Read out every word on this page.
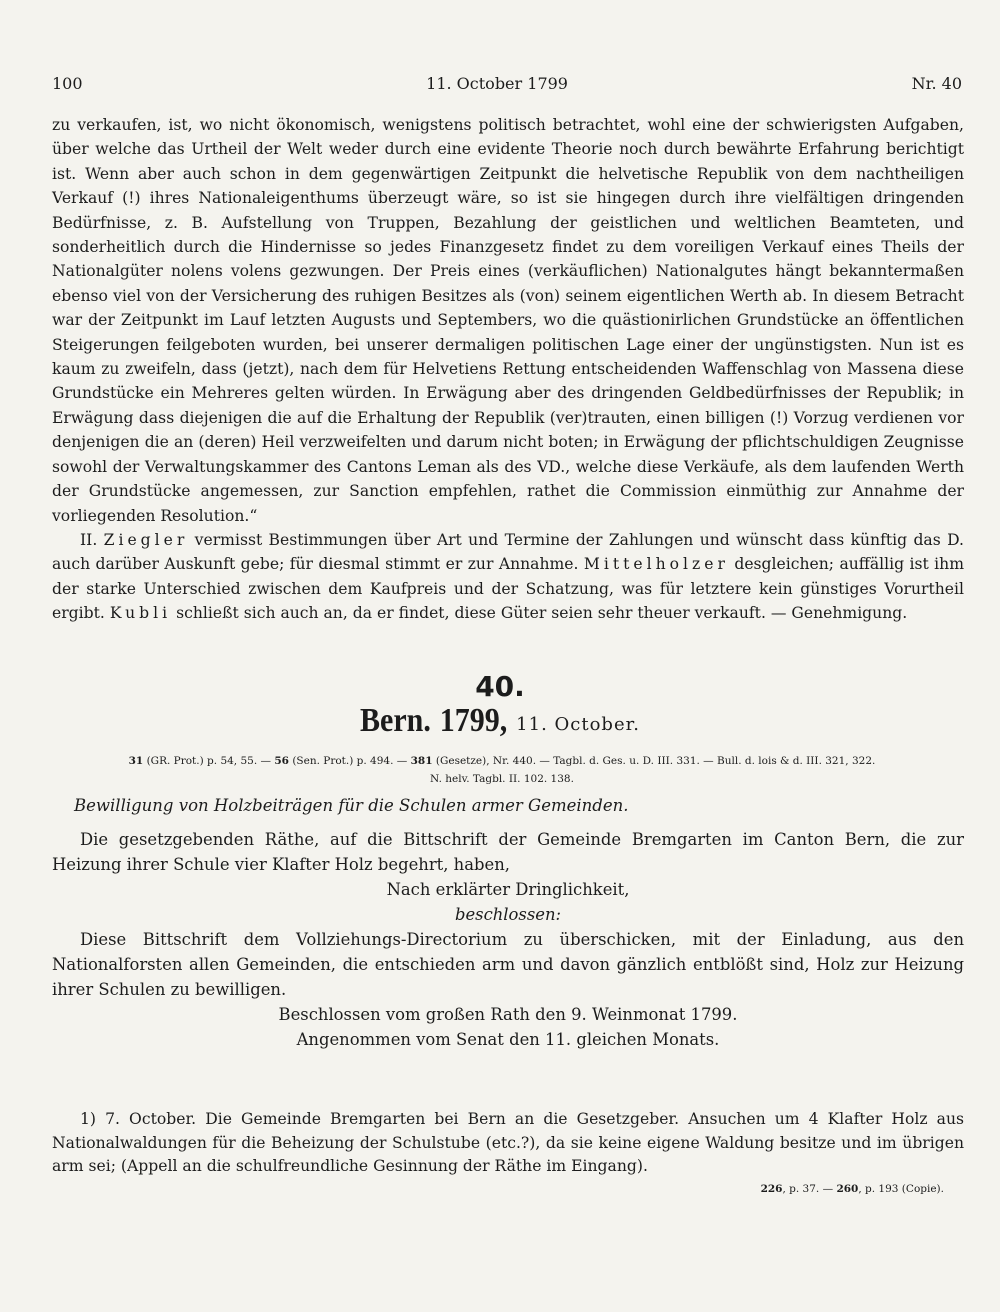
100	11. October 1799	Nr. 40

zu verkaufen, ist, wo nicht ökonomisch, wenigstens politisch betrachtet, wohl eine der schwierigsten Aufgaben, über welche das Urtheil der Welt weder durch eine evidente Theorie noch durch bewährte Erfahrung berichtigt ist. Wenn aber auch schon in dem gegenwärtigen Zeitpunkt die helvetische Republik von dem nachtheiligen Verkauf (!) ihres Nationaleigenthums überzeugt wäre, so ist sie hingegen durch ihre vielfältigen dringenden Bedürfnisse, z. B. Aufstellung von Truppen, Bezahlung der geistlichen und weltlichen Beamteten, und sonderheitlich durch die Hindernisse so jedes Finanzgesetz findet zu dem voreiligen Verkauf eines Theils der Nationalgüter nolens volens gezwungen. Der Preis eines (verkäuflichen) Nationalgutes hängt bekanntermaßen ebenso viel von der Versicherung des ruhigen Besitzes als (von) seinem eigentlichen Werth ab. In diesem Betracht war der Zeitpunkt im Lauf letzten Augusts und Septembers, wo die quästionirlichen Grundstücke an öffentlichen Steigerungen feilgeboten wurden, bei unserer dermaligen politischen Lage einer der ungünstigsten. Nun ist es kaum zu zweifeln, dass (jetzt), nach dem für Helvetiens Rettung entscheidenden Waffenschlag von Massena diese Grundstücke ein Mehreres gelten würden. In Erwägung aber des dringenden Geldbedürfnisses der Republik; in Erwägung dass diejenigen die auf die Erhaltung der Republik (ver)trauten, einen billigen (!) Vorzug verdienen vor denjenigen die an (deren) Heil verzweifelten und darum nicht boten; in Erwägung der pflichtschuldigen Zeugnisse sowohl der Verwaltungskammer des Cantons Leman als des VD., welche diese Verkäufe, als dem laufenden Werth der Grundstücke angemessen, zur Sanction empfehlen, rathet die Commission einmüthig zur Annahme der vorliegenden Resolution.“

II. Ziegler vermisst Bestimmungen über Art und Termine der Zahlungen und wünscht dass künftig das D. auch darüber Auskunft gebe; für diesmal stimmt er zur Annahme. Mittelholzer desgleichen; auffällig ist ihm der starke Unterschied zwischen dem Kaufpreis und der Schatzung, was für letztere kein günstiges Vorurtheil ergibt. Kubli schließt sich auch an, da er findet, diese Güter seien sehr theuer verkauft. — Genehmigung.

40.
Bern. 1799, 11. October.
31 (GR. Prot.) p. 54, 55. — 56 (Sen. Prot.) p. 494. — 381 (Gesetze), Nr. 440. — Tagbl. d. Ges. u. D. III. 331. — Bull. d. lois & d. III. 321, 322.
N. helv. Tagbl. II. 102. 138.
Bewilligung von Holzbeiträgen für die Schulen armer Gemeinden.

Die gesetzgebenden Räthe, auf die Bittschrift der Gemeinde Bremgarten im Canton Bern, die zur Heizung ihrer Schule vier Klafter Holz begehrt, haben,

Nach erklärter Dringlichkeit,

beschlossen:

Diese Bittschrift dem Vollziehungs-Directorium zu überschicken, mit der Einladung, aus den Nationalforsten allen Gemeinden, die entschieden arm und davon gänzlich entblößt sind, Holz zur Heizung ihrer Schulen zu bewilligen.

Beschlossen vom großen Rath den 9. Weinmonat 1799.

Angenommen vom Senat den 11. gleichen Monats.

1) 7. October. Die Gemeinde Bremgarten bei Bern an die Gesetzgeber. Ansuchen um 4 Klafter Holz aus Nationalwaldungen für die Beheizung der Schulstube (etc.?), da sie keine eigene Waldung besitze und im übrigen arm sei; (Appell an die schulfreundliche Gesinnung der Räthe im Eingang).

226, p. 37. — 260, p. 193 (Copie).
